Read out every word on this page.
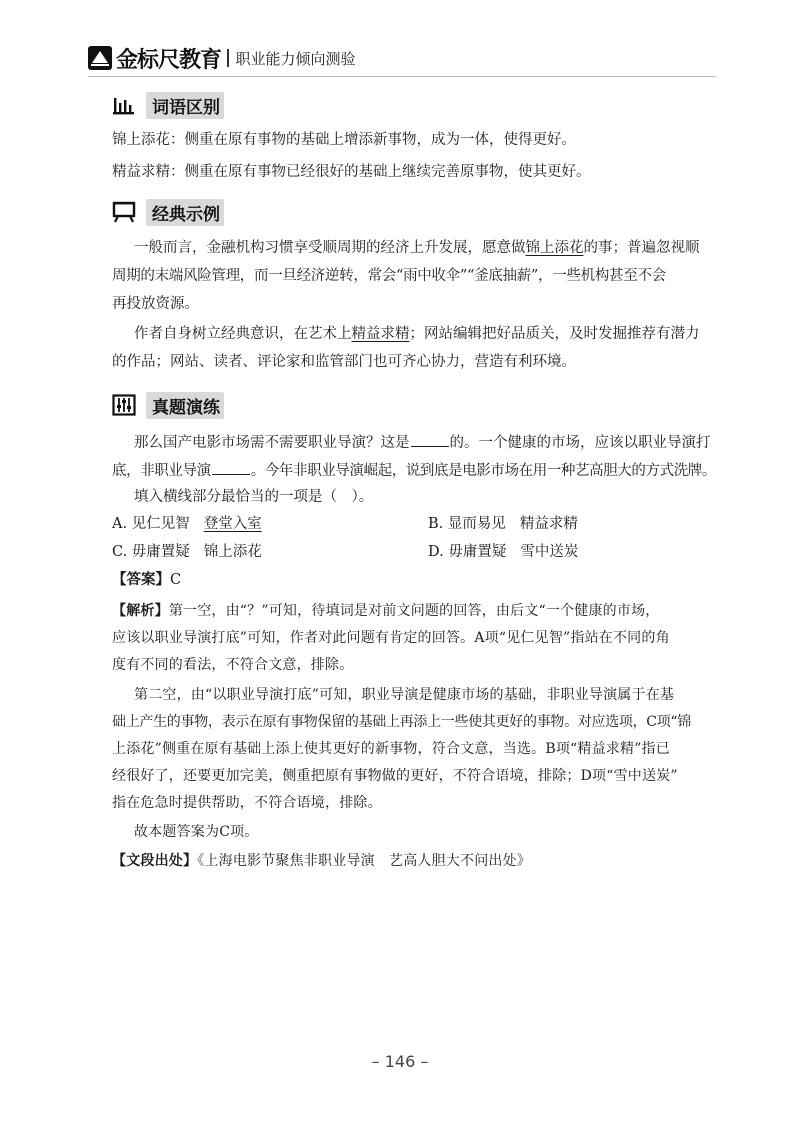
金标尺教育 职业能力倾向测验
词语区别
锦上添花：侧重在原有事物的基础上增添新事物，成为一体，使得更好。
精益求精：侧重在原有事物已经很好的基础上继续完善原事物，使其更好。
经典示例
一般而言，金融机构习惯享受顺周期的经济上升发展，愿意做锦上添花的事；普遍忽视顺
周期的末端风险管理，而一旦经济逆转，常会“雨中收伞”“釜底抽薪”，一些机构甚至不会
再投放资源。
作者自身树立经典意识，在艺术上精益求精；网站编辑把好品质关，及时发掘推荐有潜力
的作品；网站、读者、评论家和监管部门也可齐心协力，营造有利环境。
真题演练
那么国产电影市场需不需要职业导演？这是	的。一个健康的市场，应该以职业导演打
底，非职业导演	。今年非职业导演崛起，说到底是电影市场在用一种艺高胆大的方式洗牌。
填入横线部分最恰当的一项是（　）。
A. 见仁见智 登堂入室	B. 显而易见 精益求精
C. 毋庸置疑 锦上添花	D. 毋庸置疑 雪中送炭
【答案】C
【解析】第一空，由“？”可知，待填词是对前文问题的回答，由后文“一个健康的市场，
应该以职业导演打底”可知，作者对此问题有肯定的回答。A项“见仁见智”指站在不同的角
度有不同的看法，不符合文意，排除。
第二空，由“以职业导演打底”可知，职业导演是健康市场的基础，非职业导演属于在基
础上产生的事物，表示在原有事物保留的基础上再添上一些使其更好的事物。对应选项，C项“锦
上添花”侧重在原有基础上添上使其更好的新事物，符合文意，当选。B项“精益求精”指已
经很好了，还要更加完美，侧重把原有事物做的更好，不符合语境，排除；D项“雪中送炭”
指在危急时提供帮助，不符合语境，排除。
故本题答案为C项。
【文段出处】《上海电影节聚焦非职业导演　艺高人胆大不问出处》
– 146 –
